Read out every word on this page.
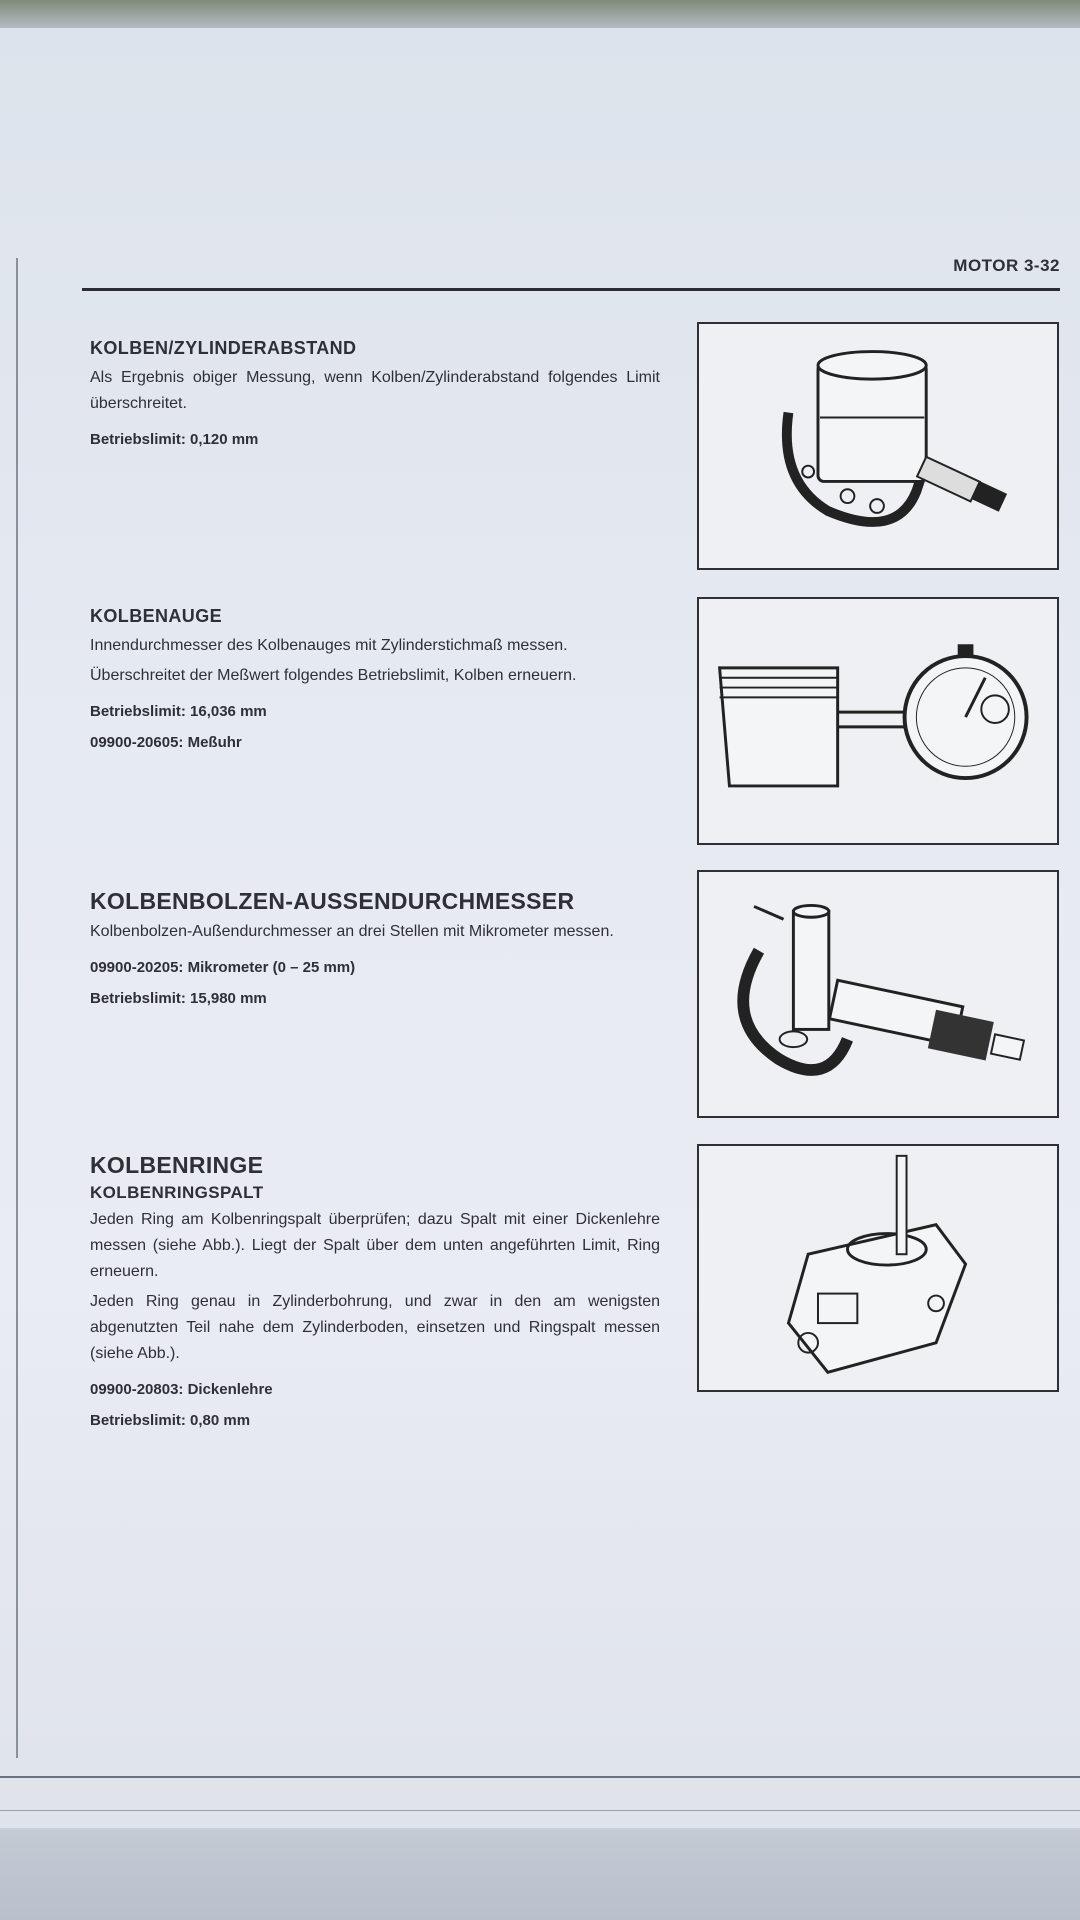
MOTOR 3-32
KOLBEN/ZYLINDERABSTAND

Als Ergebnis obiger Messung, wenn Kolben/Zylinderabstand folgendes Limit überschreitet.

Betriebslimit: 0,120 mm
KOLBENAUGE

Innendurchmesser des Kolbenauges mit Zylinderstichmaß messen.

Überschreitet der Meßwert folgendes Betriebslimit, Kolben erneuern.

Betriebslimit: 16,036 mm
09900-20605: Meßuhr
KOLBENBOLZEN-AUSSENDURCHMESSER

Kolbenbolzen-Außendurchmesser an drei Stellen mit Mikrometer messen.

09900-20205: Mikrometer (0 – 25 mm)
Betriebslimit: 15,980 mm
KOLBENRINGE
KOLBENRINGSPALT

Jeden Ring am Kolbenringspalt überprüfen; dazu Spalt mit einer Dickenlehre messen (siehe Abb.). Liegt der Spalt über dem unten angeführten Limit, Ring erneuern.

Jeden Ring genau in Zylinderbohrung, und zwar in den am wenigsten abgenutzten Teil nahe dem Zylinderboden, einsetzen und Ringspalt messen (siehe Abb.).

09900-20803: Dickenlehre
Betriebslimit: 0,80 mm
